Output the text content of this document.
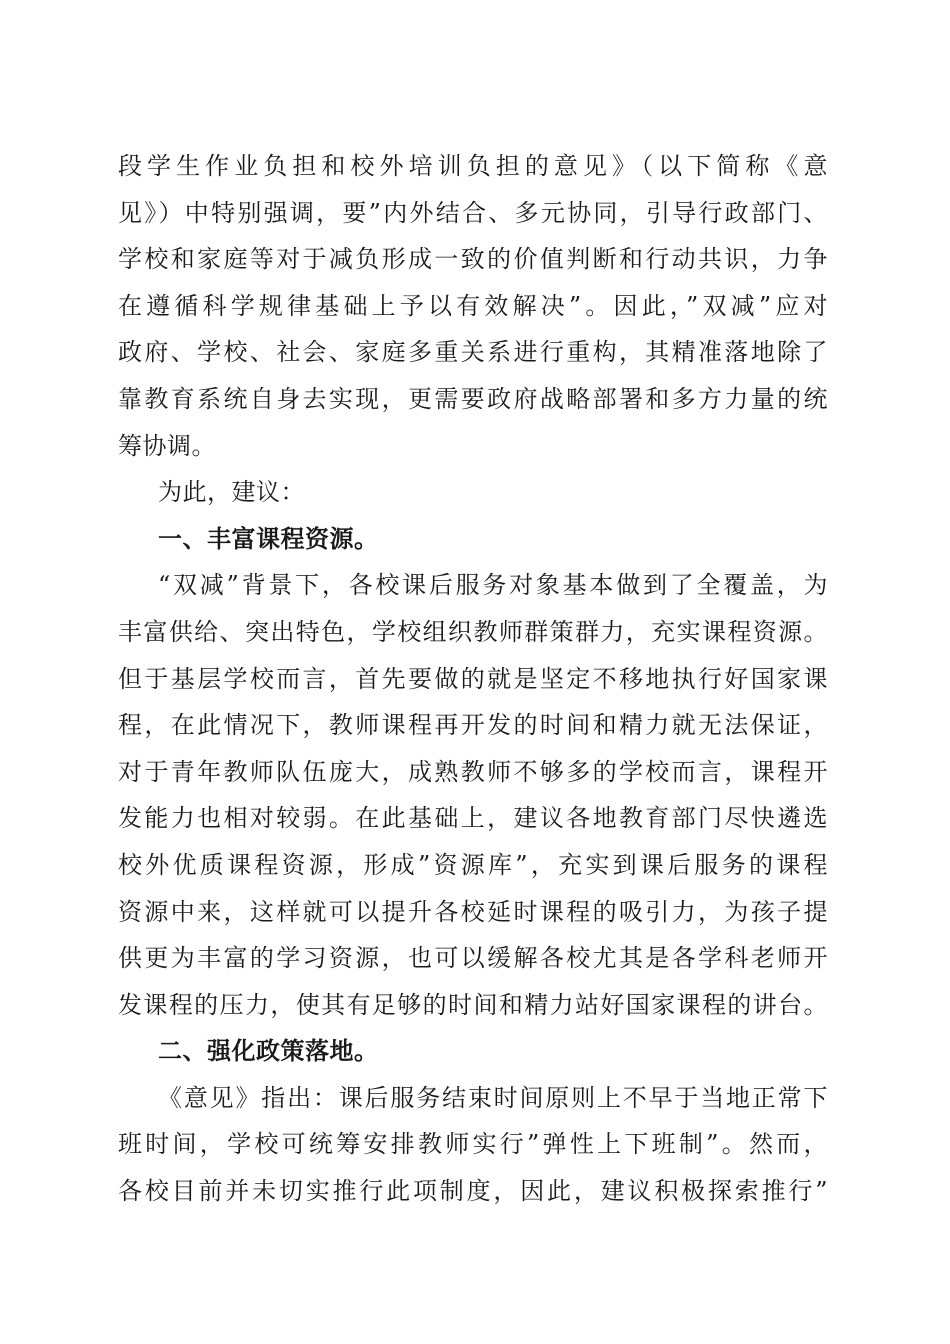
段学生作业负担和校外培训负担的意见》（以下简称《意
见》）中特别强调，要”内外结合、多元协同，引导行政部门、
学校和家庭等对于减负形成一致的价值判断和行动共识，力争
在遵循科学规律基础上予以有效解决”。因此，”双减”应对
政府、学校、社会、家庭多重关系进行重构，其精准落地除了
靠教育系统自身去实现，更需要政府战略部署和多方力量的统
筹协调。
为此，建议：
一、丰富课程资源。
“双减”背景下，各校课后服务对象基本做到了全覆盖，为
丰富供给、突出特色，学校组织教师群策群力，充实课程资源。
但于基层学校而言，首先要做的就是坚定不移地执行好国家课
程，在此情况下，教师课程再开发的时间和精力就无法保证，
对于青年教师队伍庞大，成熟教师不够多的学校而言，课程开
发能力也相对较弱。在此基础上，建议各地教育部门尽快遴选
校外优质课程资源，形成”资源库”，充实到课后服务的课程
资源中来，这样就可以提升各校延时课程的吸引力，为孩子提
供更为丰富的学习资源，也可以缓解各校尤其是各学科老师开
发课程的压力，使其有足够的时间和精力站好国家课程的讲台。
二、强化政策落地。
《意见》指出：课后服务结束时间原则上不早于当地正常下
班时间，学校可统筹安排教师实行”弹性上下班制”。然而，
各校目前并未切实推行此项制度，因此，建议积极探索推行”
